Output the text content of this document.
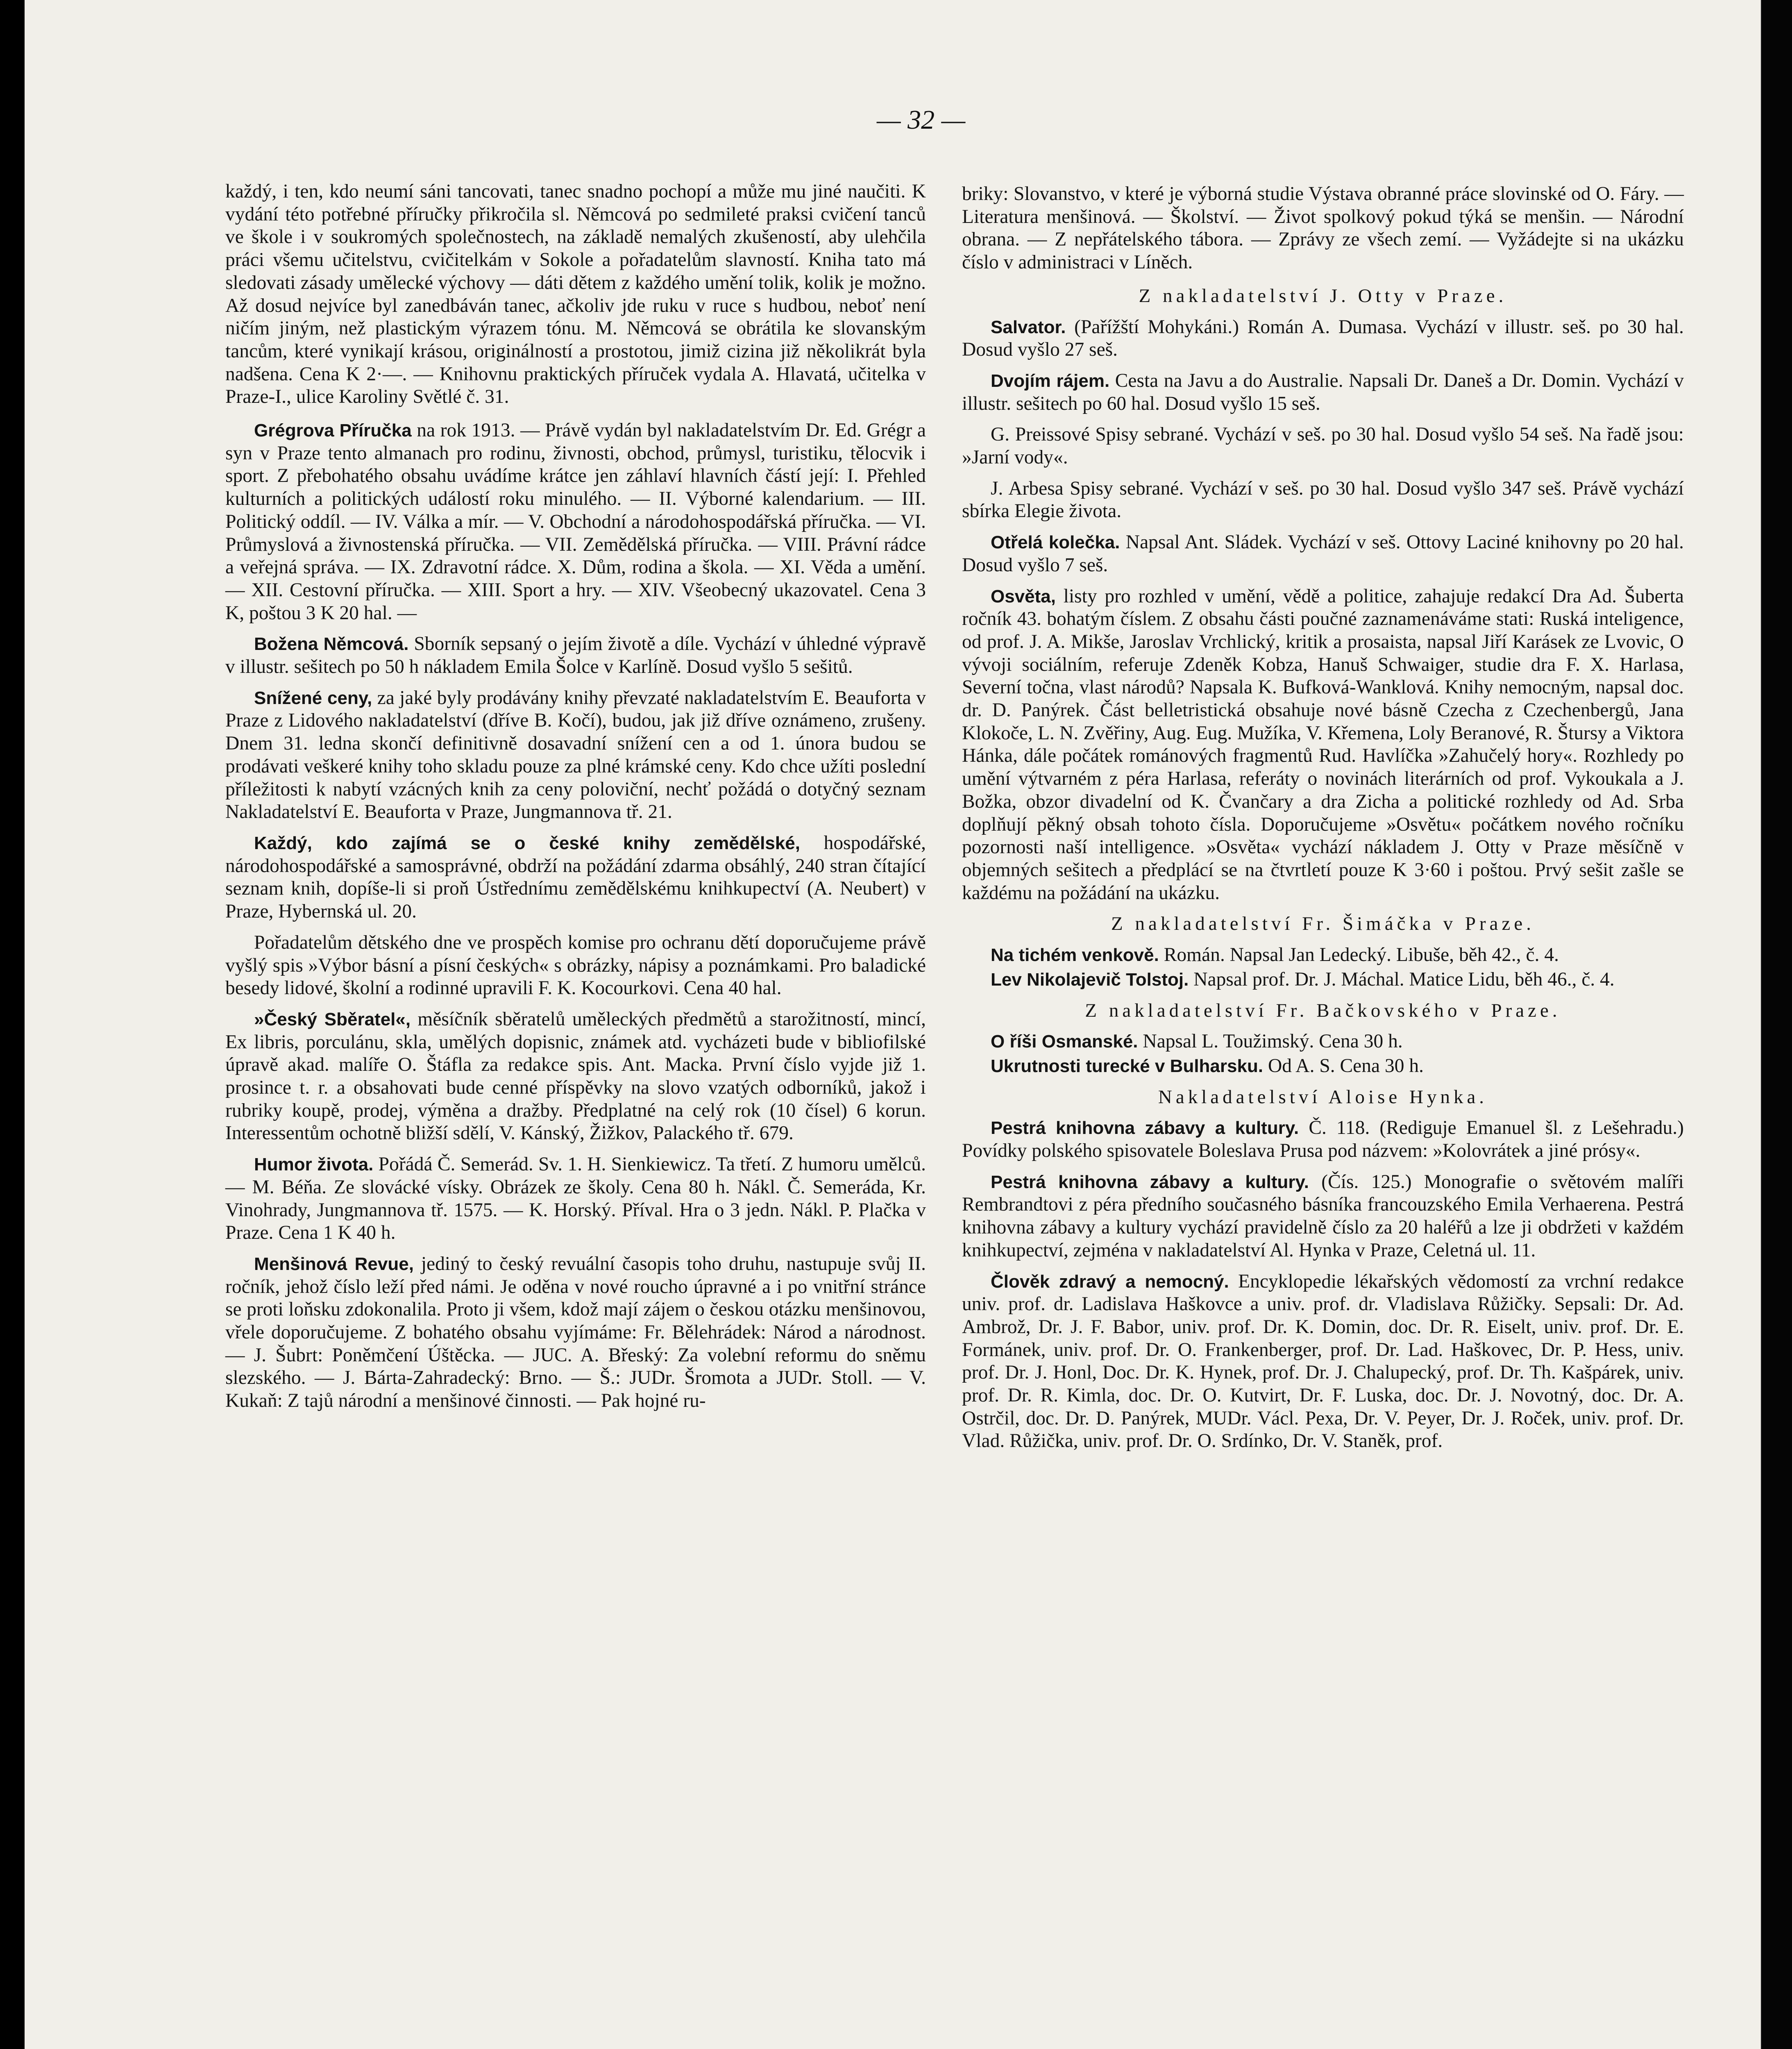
— 32 —

každý, i ten, kdo neumí sáni tancovati, tanec snadno pochopí a může mu jiné naučiti. K vydání této potřebné příručky přikročila sl. Němcová po sedmileté praksi cvičení tanců ve škole i v soukromých společnostech, na základě nemalých zkušeností, aby ulehčila práci všemu učitelstvu, cvičitelkám v Sokole a pořadatelům slavností. Kniha tato má sledovati zásady umělecké výchovy — dáti dětem z každého umění tolik, kolik je možno. Až dosud nejvíce byl zanedbáván tanec, ačkoliv jde ruku v ruce s hudbou, neboť není ničím jiným, než plastickým výrazem tónu. M. Němcová se obrátila ke slovanským tancům, které vynikají krásou, originálností a prostotou, jimiž cizina již několikrát byla nadšena. Cena K 2·—. — Knihovnu praktických příruček vydala A. Hlavatá, učitelka v Praze-I., ulice Karoliny Světlé č. 31.

Grégrova Příručka na rok 1913. — Právě vydán byl nakladatelstvím Dr. Ed. Grégr a syn v Praze tento almanach pro rodinu, živnosti, obchod, průmysl, turistiku, tělocvik i sport. Z přebohatého obsahu uvádíme krátce jen záhlaví hlavních částí její: I. Přehled kulturních a politických událostí roku minulého. — II. Výborné kalendarium. — III. Politický oddíl. — IV. Válka a mír. — V. Obchodní a národohospodářská příručka. — VI. Průmyslová a živnostenská příručka. — VII. Zemědělská příručka. — VIII. Právní rádce a veřejná správa. — IX. Zdravotní rádce. X. Dům, rodina a škola. — XI. Věda a umění. — XII. Cestovní příručka. — XIII. Sport a hry. — XIV. Všeobecný ukazovatel. Cena 3 K, poštou 3 K 20 hal. —

Božena Němcová. Sborník sepsaný o jejím životě a díle. Vychází v úhledné výpravě v illustr. sešitech po 50 h nákladem Emila Šolce v Karlíně. Dosud vyšlo 5 sešitů.

Snížené ceny, za jaké byly prodávány knihy převzaté nakladatelstvím E. Beauforta v Praze z Lidového nakladatelství (dříve B. Kočí), budou, jak již dříve oznámeno, zrušeny. Dnem 31. ledna skončí definitivně dosavadní snížení cen a od 1. února budou se prodávati veškeré knihy toho skladu pouze za plné krámské ceny. Kdo chce užíti poslední příležitosti k nabytí vzácných knih za ceny poloviční, nechť požádá o dotyčný seznam Nakladatelství E. Beauforta v Praze, Jungmannova tř. 21.

Každý, kdo zajímá se o české knihy zemědělské, hospodářské, národohospodářské a samosprávné, obdrží na požádání zdarma obsáhlý, 240 stran čítající seznam knih, dopíše-li si proň Ústřednímu zemědělskému knihkupectví (A. Neubert) v Praze, Hybernská ul. 20.

Pořadatelům dětského dne ve prospěch komise pro ochranu dětí doporučujeme právě vyšlý spis »Výbor básní a písní českých« s obrázky, nápisy a poznámkami. Pro baladické besedy lidové, školní a rodinné upravili F. K. Kocourkovi. Cena 40 hal.

»Český Sběratel«, měsíčník sběratelů uměleckých předmětů a starožitností, mincí, Ex libris, porculánu, skla, umělých dopisnic, známek atd. vycházeti bude v bibliofilské úpravě akad. malíře O. Štáfla za redakce spis. Ant. Macka. První číslo vyjde již 1. prosince t. r. a obsahovati bude cenné příspěvky na slovo vzatých odborníků, jakož i rubriky koupě, prodej, výměna a dražby. Předplatné na celý rok (10 čísel) 6 korun. Interessentům ochotně bližší sdělí, V. Kánský, Žižkov, Palackého tř. 679.

Humor života. Pořádá Č. Semerád. Sv. 1. H. Sienkiewicz. Ta třetí. Z humoru umělců. — M. Béňa. Ze slovácké vísky. Obrázek ze školy. Cena 80 h. Nákl. Č. Semeráda, Kr. Vinohrady, Jungmannova tř. 1575. — K. Horský. Příval. Hra o 3 jedn. Nákl. P. Plačka v Praze. Cena 1 K 40 h.

Menšinová Revue, jediný to český revuální časopis toho druhu, nastupuje svůj II. ročník, jehož číslo leží před námi. Je oděna v nové roucho úpravné a i po vnitřní stránce se proti loňsku zdokonalila. Proto ji všem, kdož mají zájem o českou otázku menšinovou, vřele doporučujeme. Z bohatého obsahu vyjímáme: Fr. Bělehrádek: Národ a národnost. — J. Šubrt: Poněmčení Úštěcka. — JUC. A. Břeský: Za volební reformu do sněmu slezského. — J. Bárta-Zahradecký: Brno. — Š.: JUDr. Šromota a JUDr. Stoll. — V. Kukaň: Z tajů národní a menšinové činnosti. — Pak hojné ru-

briky: Slovanstvo, v které je výborná studie Výstava obranné práce slovinské od O. Fáry. — Literatura menšinová. — Školství. — Život spolkový pokud týká se menšin. — Národní obrana. — Z nepřátelského tábora. — Zprávy ze všech zemí. — Vyžádejte si na ukázku číslo v administraci v Líněch.

Z nakladatelství J. Otty v Praze.

Salvator. (Pařížští Mohykáni.) Román A. Dumasa. Vychází v illustr. seš. po 30 hal. Dosud vyšlo 27 seš.

Dvojím rájem. Cesta na Javu a do Australie. Napsali Dr. Daneš a Dr. Domin. Vychází v illustr. sešitech po 60 hal. Dosud vyšlo 15 seš.

G. Preissové Spisy sebrané. Vychází v seš. po 30 hal. Dosud vyšlo 54 seš. Na řadě jsou: »Jarní vody«.

J. Arbesa Spisy sebrané. Vychází v seš. po 30 hal. Dosud vyšlo 347 seš. Právě vychází sbírka Elegie života.

Otřelá kolečka. Napsal Ant. Sládek. Vychází v seš. Ottovy Laciné knihovny po 20 hal. Dosud vyšlo 7 seš.

Osvěta, listy pro rozhled v umění, vědě a politice, zahajuje redakcí Dra Ad. Šuberta ročník 43. bohatým číslem. Z obsahu části poučné zaznamenáváme stati: Ruská inteligence, od prof. J. A. Mikše, Jaroslav Vrchlický, kritik a prosaista, napsal Jiří Karásek ze Lvovic, O vývoji sociálním, referuje Zdeněk Kobza, Hanuš Schwaiger, studie dra F. X. Harlasa, Severní točna, vlast národů? Napsala K. Bufková-Wanklová. Knihy nemocným, napsal doc. dr. D. Panýrek. Část belletristická obsahuje nové básně Czecha z Czechenbergů, Jana Klokoče, L. N. Zvěřiny, Aug. Eug. Mužíka, V. Křemena, Loly Beranové, R. Štursy a Viktora Hánka, dále počátek románových fragmentů Rud. Havlíčka »Zahučelý hory«. Rozhledy po umění výtvarném z péra Harlasa, referáty o novinách literárních od prof. Vykoukala a J. Božka, obzor divadelní od K. Čvančary a dra Zicha a politické rozhledy od Ad. Srba doplňují pěkný obsah tohoto čísla. Doporučujeme »Osvětu« počátkem nového ročníku pozornosti naší intelligence. »Osvěta« vychází nákladem J. Otty v Praze měsíčně v objemných sešitech a předplácí se na čtvrtletí pouze K 3·60 i poštou. Prvý sešit zašle se každému na požádání na ukázku.

Z nakladatelství Fr. Šimáčka v Praze.

Na tichém venkově. Román. Napsal Jan Ledecký. Libuše, běh 42., č. 4.

Lev Nikolajevič Tolstoj. Napsal prof. Dr. J. Máchal. Matice Lidu, běh 46., č. 4.

Z nakladatelství Fr. Bačkovského v Praze.

O říši Osmanské. Napsal L. Toužimský. Cena 30 h.

Ukrutnosti turecké v Bulharsku. Od A. S. Cena 30 h.

Nakladatelství Aloise Hynka.

Pestrá knihovna zábavy a kultury. Č. 118. (Rediguje Emanuel šl. z Lešehradu.) Povídky polského spisovatele Boleslava Prusa pod názvem: »Kolovrátek a jiné prósy«.

Pestrá knihovna zábavy a kultury. (Čís. 125.) Monografie o světovém malíři Rembrandtovi z péra předního současného básníka francouzského Emila Verhaerena. Pestrá knihovna zábavy a kultury vychází pravidelně číslo za 20 haléřů a lze ji obdržeti v každém knihkupectví, zejména v nakladatelství Al. Hynka v Praze, Celetná ul. 11.

Člověk zdravý a nemocný. Encyklopedie lékařských vědomostí za vrchní redakce univ. prof. dr. Ladislava Haškovce a univ. prof. dr. Vladislava Růžičky. Sepsali: Dr. Ad. Ambrož, Dr. J. F. Babor, univ. prof. Dr. K. Domin, doc. Dr. R. Eiselt, univ. prof. Dr. E. Formánek, univ. prof. Dr. O. Frankenberger, prof. Dr. Lad. Haškovec, Dr. P. Hess, univ. prof. Dr. J. Honl, Doc. Dr. K. Hynek, prof. Dr. J. Chalupecký, prof. Dr. Th. Kašpárek, univ. prof. Dr. R. Kimla, doc. Dr. O. Kutvirt, Dr. F. Luska, doc. Dr. J. Novotný, doc. Dr. A. Ostrčil, doc. Dr. D. Panýrek, MUDr. Václ. Pexa, Dr. V. Peyer, Dr. J. Roček, univ. prof. Dr. Vlad. Růžička, univ. prof. Dr. O. Srdínko, Dr. V. Staněk, prof.
